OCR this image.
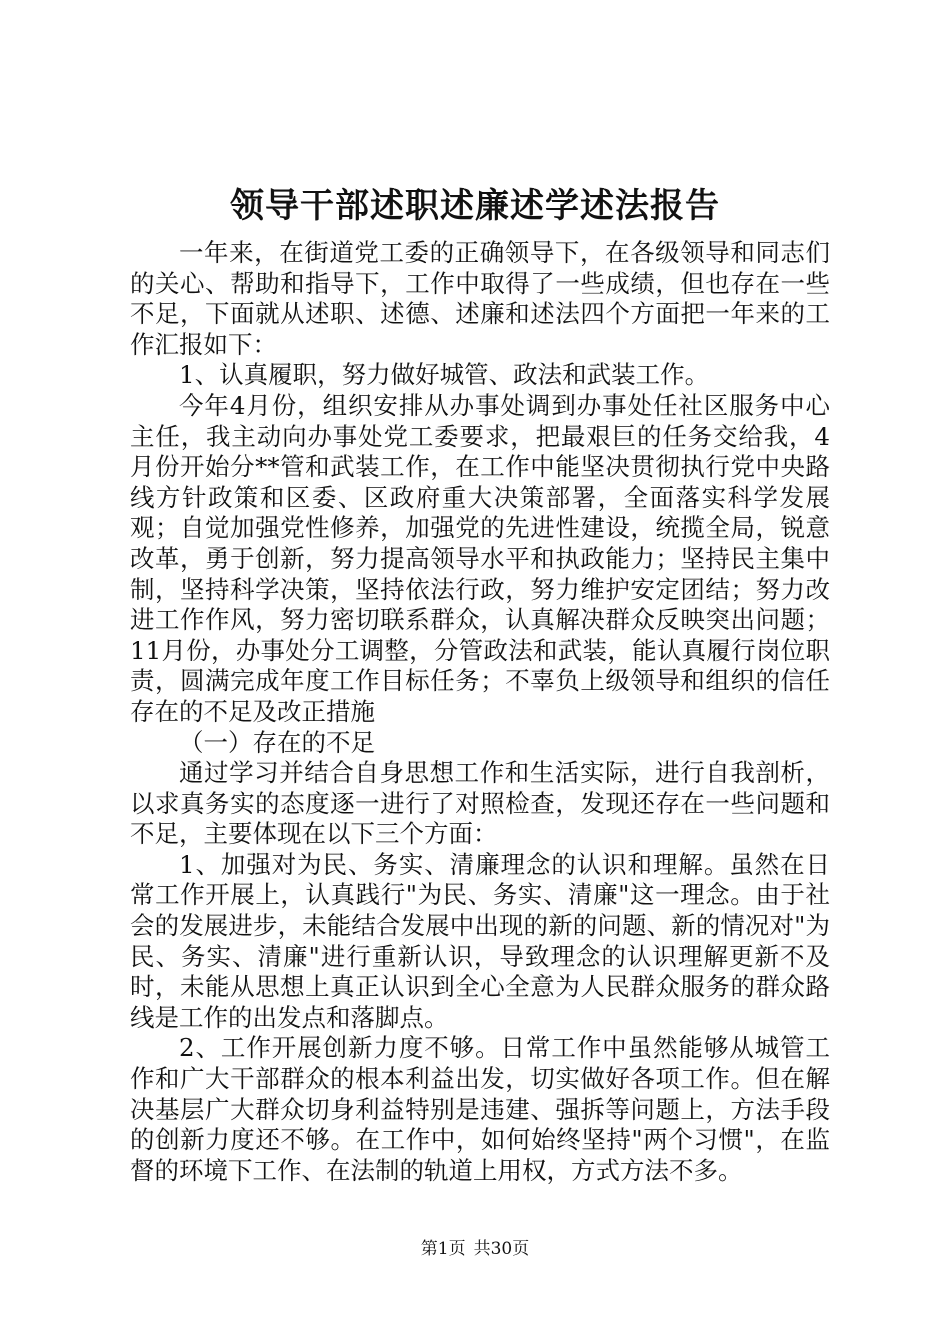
领导干部述职述廉述学述法报告

一年来，在街道党工委的正确领导下，在各级领导和同志们的关心、帮助和指导下，工作中取得了一些成绩，但也存在一些不足，下面就从述职、述德、述廉和述法四个方面把一年来的工作汇报如下：

1、认真履职，努力做好城管、政法和武装工作。

今年4月份，组织安排从办事处调到办事处任社区服务中心主任，我主动向办事处党工委要求，把最艰巨的任务交给我，4月份开始分**管和武装工作，在工作中能坚决贯彻执行党中央路线方针政策和区委、区政府重大决策部署，全面落实科学发展观；自觉加强党性修养，加强党的先进性建设，统揽全局，锐意改革，勇于创新，努力提高领导水平和执政能力；坚持民主集中制，坚持科学决策，坚持依法行政，努力维护安定团结；努力改进工作作风，努力密切联系群众，认真解决群众反映突出问题；11月份，办事处分工调整，分管政法和武装，能认真履行岗位职责，圆满完成年度工作目标任务；不辜负上级领导和组织的信任存在的不足及改正措施

（一）存在的不足

通过学习并结合自身思想工作和生活实际，进行自我剖析，以求真务实的态度逐一进行了对照检查，发现还存在一些问题和不足，主要体现在以下三个方面：

1、加强对为民、务实、清廉理念的认识和理解。虽然在日常工作开展上，认真践行"为民、务实、清廉"这一理念。由于社会的发展进步，未能结合发展中出现的新的问题、新的情况对"为民、务实、清廉"进行重新认识，导致理念的认识理解更新不及时，未能从思想上真正认识到全心全意为人民群众服务的群众路线是工作的出发点和落脚点。

2、工作开展创新力度不够。日常工作中虽然能够从城管工作和广大干部群众的根本利益出发，切实做好各项工作。但在解决基层广大群众切身利益特别是违建、强拆等问题上，方法手段的创新力度还不够。在工作中，如何始终坚持"两个习惯"，在监督的环境下工作、在法制的轨道上用权，方式方法不多。

第1页 共30页
